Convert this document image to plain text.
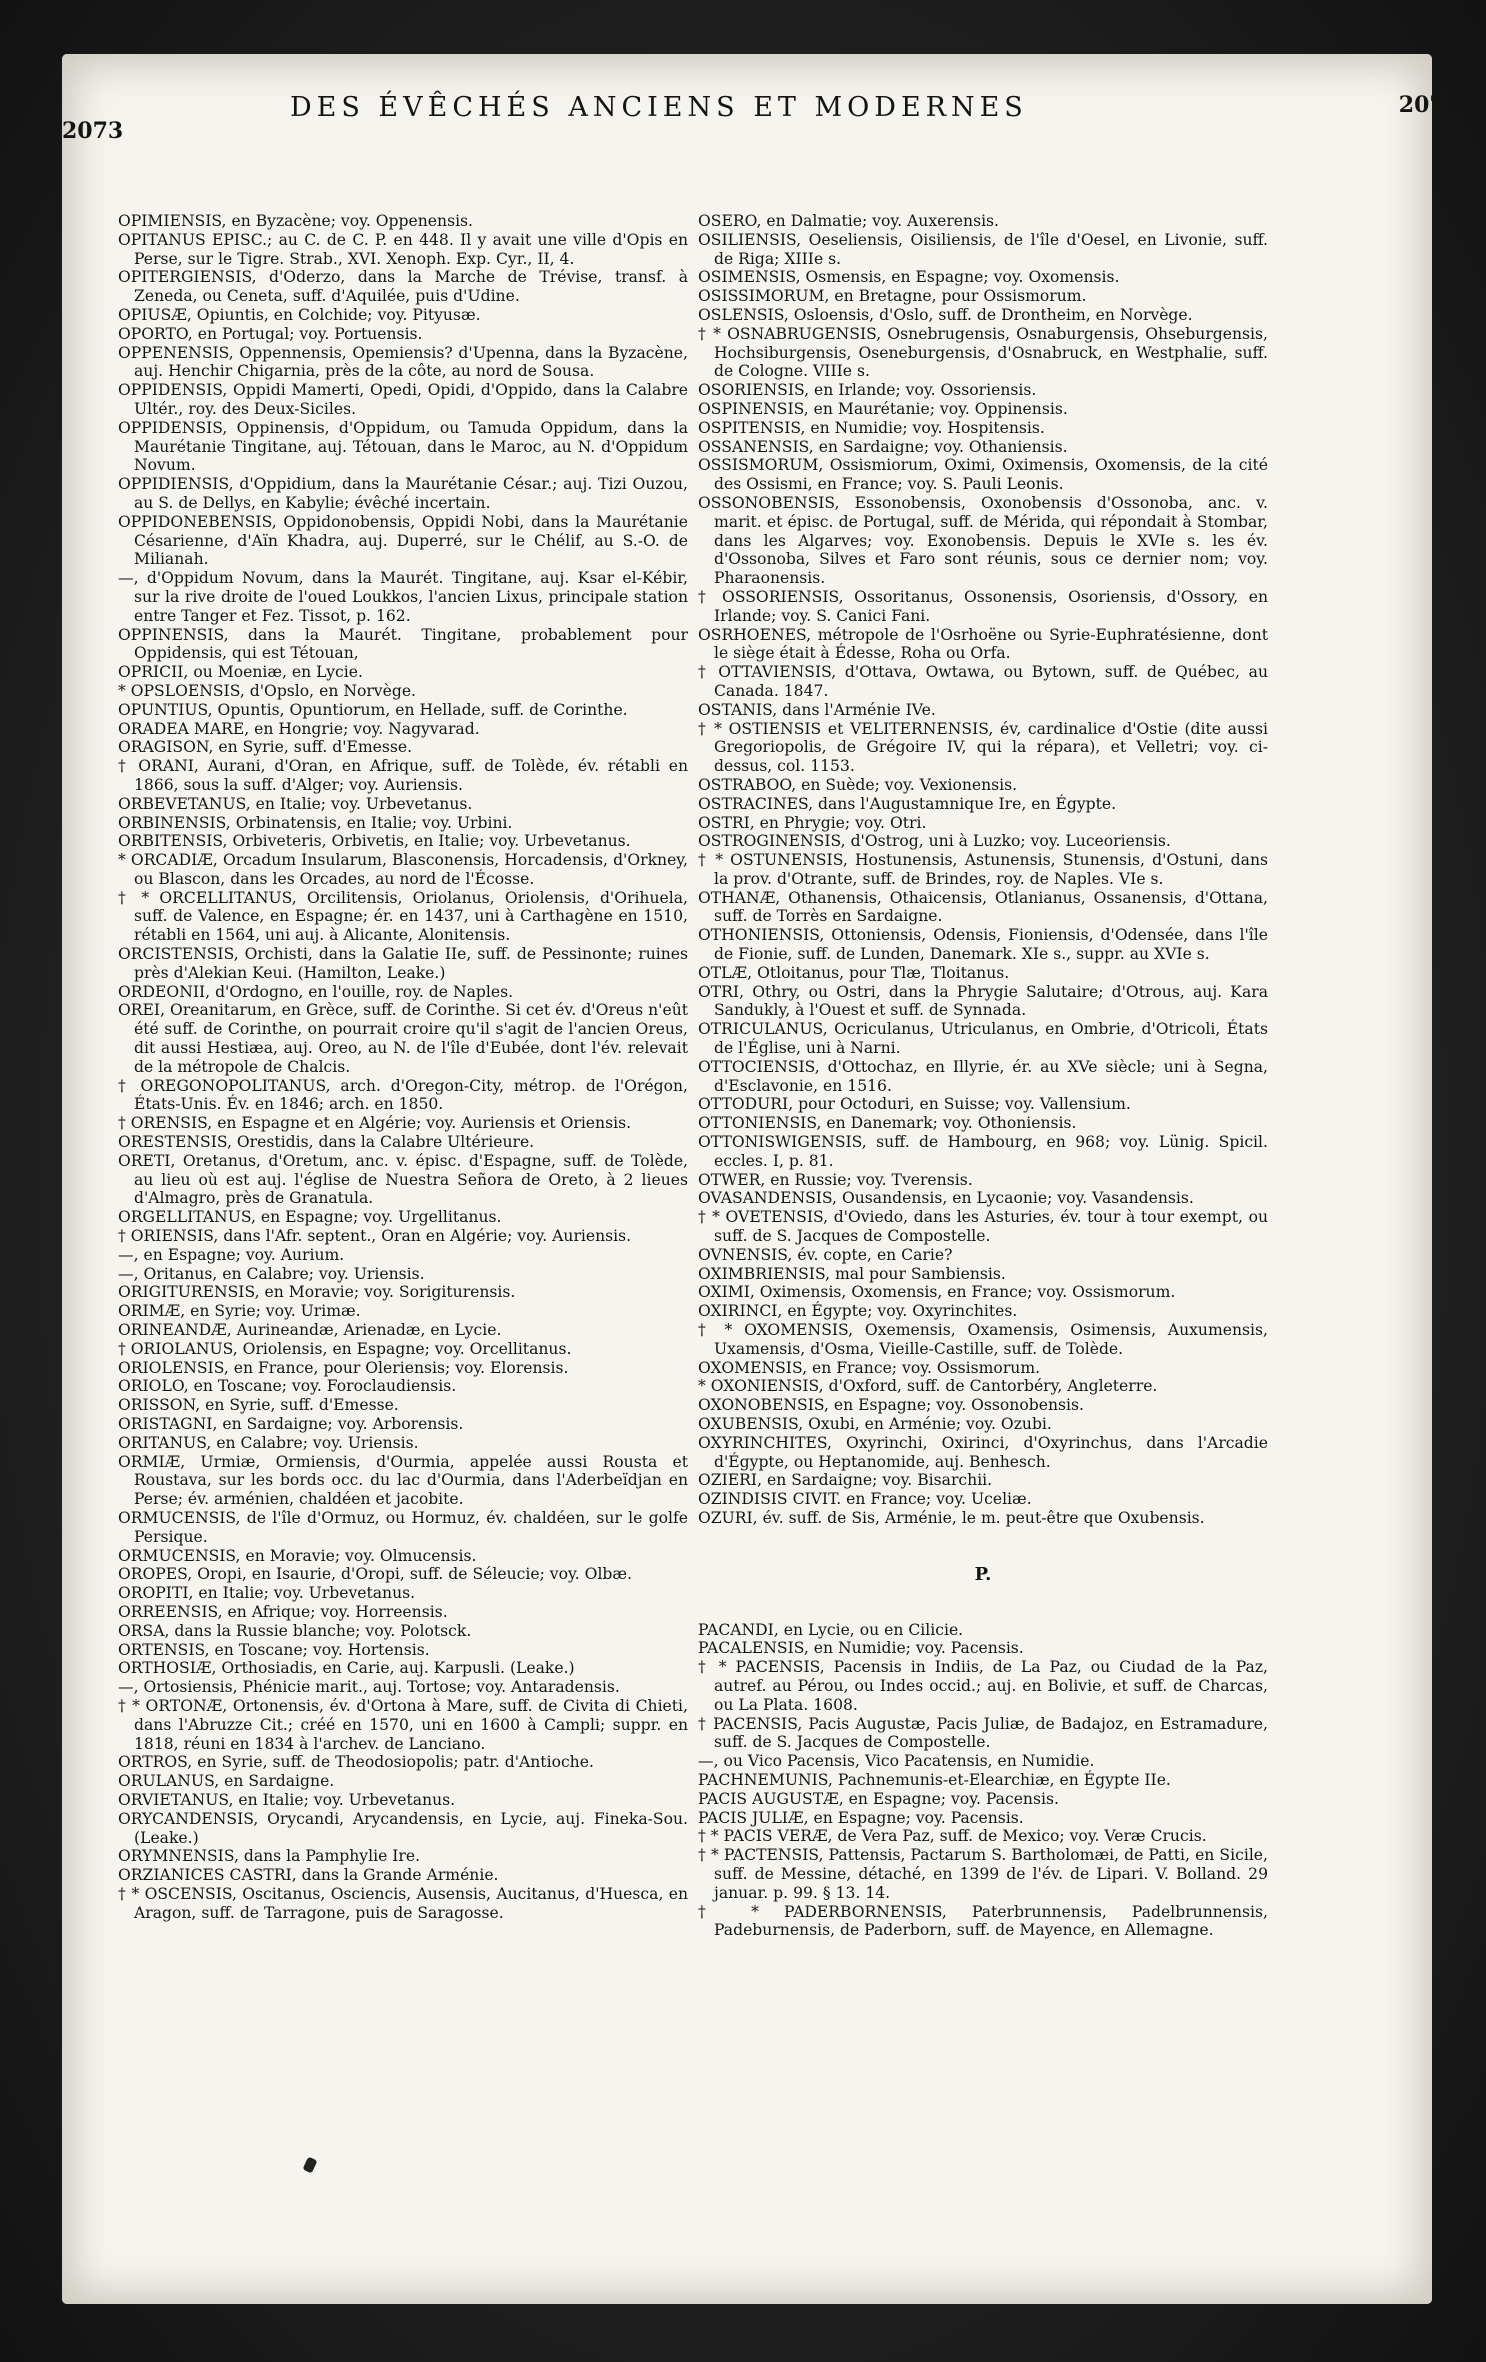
2073
DES ÉVÊCHÉS ANCIENS ET MODERNES	2074

OPIMIENSIS, en Byzacène; voy. Oppenensis.

OPITANUS EPISC.; au C. de C. P. en 448. Il y avait une ville d'Opis en Perse, sur le Tigre. Strab., XVI. Xenoph. Exp. Cyr., II, 4.

OPITERGIENSIS, d'Oderzo, dans la Marche de Trévise, transf. à Zeneda, ou Ceneta, suff. d'Aquilée, puis d'Udine.

OPIUSÆ, Opiuntis, en Colchide; voy. Pityusæ.

OPORTO, en Portugal; voy. Portuensis.

OPPENENSIS, Oppennensis, Opemiensis? d'Upenna, dans la Byzacène, auj. Henchir Chigarnia, près de la côte, au nord de Sousa.

OPPIDENSIS, Oppidi Mamerti, Opedi, Opidi, d'Oppido, dans la Calabre Ultér., roy. des Deux-Siciles.

OPPIDENSIS, Oppinensis, d'Oppidum, ou Tamuda Oppidum, dans la Maurétanie Tingitane, auj. Tétouan, dans le Maroc, au N. d'Oppidum Novum.

OPPIDIENSIS, d'Oppidium, dans la Maurétanie César.; auj. Tizi Ouzou, au S. de Dellys, en Kabylie; évêché incertain.

OPPIDONEBENSIS, Oppidonobensis, Oppidi Nobi, dans la Maurétanie Césarienne, d'Aïn Khadra, auj. Duperré, sur le Chélif, au S.-O. de Milianah.

—, d'Oppidum Novum, dans la Maurét. Tingitane, auj. Ksar el-Kébir, sur la rive droite de l'oued Loukkos, l'ancien Lixus, principale station entre Tanger et Fez. Tissot, p. 162.

OPPINENSIS, dans la Maurét. Tingitane, probablement pour Oppidensis, qui est Tétouan,

OPRICII, ou Moeniæ, en Lycie.

* OPSLOENSIS, d'Opslo, en Norvège.

OPUNTIUS, Opuntis, Opuntiorum, en Hellade, suff. de Corinthe.

ORADEA MARE, en Hongrie; voy. Nagyvarad.

ORAGISON, en Syrie, suff. d'Emesse.

† ORANI, Aurani, d'Oran, en Afrique, suff. de Tolède, év. rétabli en 1866, sous la suff. d'Alger; voy. Auriensis.

ORBEVETANUS, en Italie; voy. Urbevetanus.

ORBINENSIS, Orbinatensis, en Italie; voy. Urbini.

ORBITENSIS, Orbiveteris, Orbivetis, en Italie; voy. Urbevetanus.

* ORCADIÆ, Orcadum Insularum, Blasconensis, Horcadensis, d'Orkney, ou Blascon, dans les Orcades, au nord de l'Écosse.

† * ORCELLITANUS, Orcilitensis, Oriolanus, Oriolensis, d'Orihuela, suff. de Valence, en Espagne; ér. en 1437, uni à Carthagène en 1510, rétabli en 1564, uni auj. à Alicante, Alonitensis.

ORCISTENSIS, Orchisti, dans la Galatie IIe, suff. de Pessinonte; ruines près d'Alekian Keui. (Hamilton, Leake.)

ORDEONII, d'Ordogno, en l'ouille, roy. de Naples.

OREI, Oreanitarum, en Grèce, suff. de Corinthe. Si cet év. d'Oreus n'eût été suff. de Corinthe, on pourrait croire qu'il s'agit de l'ancien Oreus, dit aussi Hestiæa, auj. Oreo, au N. de l'île d'Eubée, dont l'év. relevait de la métropole de Chalcis.

† OREGONOPOLITANUS, arch. d'Oregon-City, métrop. de l'Orégon, États-Unis. Év. en 1846; arch. en 1850.

† ORENSIS, en Espagne et en Algérie; voy. Auriensis et Oriensis.

ORESTENSIS, Orestidis, dans la Calabre Ultérieure.

ORETI, Oretanus, d'Oretum, anc. v. épisc. d'Espagne, suff. de Tolède, au lieu où est auj. l'église de Nuestra Señora de Oreto, à 2 lieues d'Almagro, près de Granatula.

ORGELLITANUS, en Espagne; voy. Urgellitanus.

† ORIENSIS, dans l'Afr. septent., Oran en Algérie; voy. Auriensis.

—, en Espagne; voy. Aurium.

—, Oritanus, en Calabre; voy. Uriensis.

ORIGITURENSIS, en Moravie; voy. Sorigiturensis.

ORIMÆ, en Syrie; voy. Urimæ.

ORINEANDÆ, Aurineandæ, Arienadæ, en Lycie.

† ORIOLANUS, Oriolensis, en Espagne; voy. Orcellitanus.

ORIOLENSIS, en France, pour Oleriensis; voy. Elorensis.

ORIOLO, en Toscane; voy. Foroclaudiensis.

ORISSON, en Syrie, suff. d'Emesse.

ORISTAGNI, en Sardaigne; voy. Arborensis.

ORITANUS, en Calabre; voy. Uriensis.

ORMIÆ, Urmiæ, Ormiensis, d'Ourmia, appelée aussi Rousta et Roustava, sur les bords occ. du lac d'Ourmia, dans l'Aderbeïdjan en Perse; év. arménien, chaldéen et jacobite.

ORMUCENSIS, de l'île d'Ormuz, ou Hormuz, év. chaldéen, sur le golfe Persique.

ORMUCENSIS, en Moravie; voy. Olmucensis.

OROPES, Oropi, en Isaurie, d'Oropi, suff. de Séleucie; voy. Olbæ.

OROPITI, en Italie; voy. Urbevetanus.

ORREENSIS, en Afrique; voy. Horreensis.

ORSA, dans la Russie blanche; voy. Polotsck.

ORTENSIS, en Toscane; voy. Hortensis.

ORTHOSIÆ, Orthosiadis, en Carie, auj. Karpusli. (Leake.)

—, Ortosiensis, Phénicie marit., auj. Tortose; voy. Antaradensis.

† * ORTONÆ, Ortonensis, év. d'Ortona à Mare, suff. de Civita di Chieti, dans l'Abruzze Cit.; créé en 1570, uni en 1600 à Campli; suppr. en 1818, réuni en 1834 à l'archev. de Lanciano.

ORTROS, en Syrie, suff. de Theodosiopolis; patr. d'Antioche.

ORULANUS, en Sardaigne.

ORVIETANUS, en Italie; voy. Urbevetanus.

ORYCANDENSIS, Orycandi, Arycandensis, en Lycie, auj. Fineka-Sou. (Leake.)

ORYMNENSIS, dans la Pamphylie Ire.

ORZIANICES CASTRI, dans la Grande Arménie.

† * OSCENSIS, Oscitanus, Osciencis, Ausensis, Aucitanus, d'Huesca, en Aragon, suff. de Tarragone, puis de Saragosse.

OSERO, en Dalmatie; voy. Auxerensis.

OSILIENSIS, Oeseliensis, Oisiliensis, de l'île d'Oesel, en Livonie, suff. de Riga; XIIIe s.

OSIMENSIS, Osmensis, en Espagne; voy. Oxomensis.

OSISSIMORUM, en Bretagne, pour Ossismorum.

OSLENSIS, Osloensis, d'Oslo, suff. de Drontheim, en Norvège.

† * OSNABRUGENSIS, Osnebrugensis, Osnaburgensis, Ohseburgensis, Hochsiburgensis, Oseneburgensis, d'Osnabruck, en Westphalie, suff. de Cologne. VIIIe s.

OSORIENSIS, en Irlande; voy. Ossoriensis.

OSPINENSIS, en Maurétanie; voy. Oppinensis.

OSPITENSIS, en Numidie; voy. Hospitensis.

OSSANENSIS, en Sardaigne; voy. Othaniensis.

OSSISMORUM, Ossismiorum, Oximi, Oximensis, Oxomensis, de la cité des Ossismi, en France; voy. S. Pauli Leonis.

OSSONOBENSIS, Essonobensis, Oxonobensis d'Ossonoba, anc. v. marit. et épisc. de Portugal, suff. de Mérida, qui répondait à Stombar, dans les Algarves; voy. Exonobensis. Depuis le XVIe s. les év. d'Ossonoba, Silves et Faro sont réunis, sous ce dernier nom; voy. Pharaonensis.

† OSSORIENSIS, Ossoritanus, Ossonensis, Osoriensis, d'Ossory, en Irlande; voy. S. Canici Fani.

OSRHOENES, métropole de l'Osrhoëne ou Syrie-Euphratésienne, dont le siège était à Édesse, Roha ou Orfa.

† OTTAVIENSIS, d'Ottava, Owtawa, ou Bytown, suff. de Québec, au Canada. 1847.

OSTANIS, dans l'Arménie IVe.

† * OSTIENSIS et VELITERNENSIS, év, cardinalice d'Ostie (dite aussi Gregoriopolis, de Grégoire IV, qui la répara), et Velletri; voy. ci-dessus, col. 1153.

OSTRABOO, en Suède; voy. Vexionensis.

OSTRACINES, dans l'Augustamnique Ire, en Égypte.

OSTRI, en Phrygie; voy. Otri.

OSTROGINENSIS, d'Ostrog, uni à Luzko; voy. Luceoriensis.

† * OSTUNENSIS, Hostunensis, Astunensis, Stunensis, d'Ostuni, dans la prov. d'Otrante, suff. de Brindes, roy. de Naples. VIe s.

OTHANÆ, Othanensis, Othaicensis, Otlanianus, Ossanensis, d'Ottana, suff. de Torrès en Sardaigne.

OTHONIENSIS, Ottoniensis, Odensis, Fioniensis, d'Odensée, dans l'île de Fionie, suff. de Lunden, Danemark. XIe s., suppr. au XVIe s.

OTLÆ, Otloitanus, pour Tlæ, Tloitanus.

OTRI, Othry, ou Ostri, dans la Phrygie Salutaire; d'Otrous, auj. Kara Sandukly, à l'Ouest et suff. de Synnada.

OTRICULANUS, Ocriculanus, Utriculanus, en Ombrie, d'Otricoli, États de l'Église, uni à Narni.

OTTOCIENSIS, d'Ottochaz, en Illyrie, ér. au XVe siècle; uni à Segna, d'Esclavonie, en 1516.

OTTODURI, pour Octoduri, en Suisse; voy. Vallensium.

OTTONIENSIS, en Danemark; voy. Othoniensis.

OTTONISWIGENSIS, suff. de Hambourg, en 968; voy. Lünig. Spicil. eccles. I, p. 81.

OTWER, en Russie; voy. Tverensis.

OVASANDENSIS, Ousandensis, en Lycaonie; voy. Vasandensis.

† * OVETENSIS, d'Oviedo, dans les Asturies, év. tour à tour exempt, ou suff. de S. Jacques de Compostelle.

OVNENSIS, év. copte, en Carie?

OXIMBRIENSIS, mal pour Sambiensis.

OXIMI, Oximensis, Oxomensis, en France; voy. Ossismorum.

OXIRINCI, en Égypte; voy. Oxyrinchites.

† * OXOMENSIS, Oxemensis, Oxamensis, Osimensis, Auxumensis, Uxamensis, d'Osma, Vieille-Castille, suff. de Tolède.

OXOMENSIS, en France; voy. Ossismorum.

* OXONIENSIS, d'Oxford, suff. de Cantorbéry, Angleterre.

OXONOBENSIS, en Espagne; voy. Ossonobensis.

OXUBENSIS, Oxubi, en Arménie; voy. Ozubi.

OXYRINCHITES, Oxyrinchi, Oxirinci, d'Oxyrinchus, dans l'Arcadie d'Égypte, ou Heptanomide, auj. Benhesch.

OZIERI, en Sardaigne; voy. Bisarchii.

OZINDISIS CIVIT. en France; voy. Uceliæ.

OZURI, év. suff. de Sis, Arménie, le m. peut-être que Oxubensis.

P.

PACANDI, en Lycie, ou en Cilicie.

PACALENSIS, en Numidie; voy. Pacensis.

† * PACENSIS, Pacensis in Indiis, de La Paz, ou Ciudad de la Paz, autref. au Pérou, ou Indes occid.; auj. en Bolivie, et suff. de Charcas, ou La Plata. 1608.

† PACENSIS, Pacis Augustæ, Pacis Juliæ, de Badajoz, en Estramadure, suff. de S. Jacques de Compostelle.

—, ou Vico Pacensis, Vico Pacatensis, en Numidie.

PACHNEMUNIS, Pachnemunis-et-Elearchiæ, en Égypte IIe.

PACIS AUGUSTÆ, en Espagne; voy. Pacensis.

PACIS JULIÆ, en Espagne; voy. Pacensis.

† * PACIS VERÆ, de Vera Paz, suff. de Mexico; voy. Veræ Crucis.

† * PACTENSIS, Pattensis, Pactarum S. Bartholomæi, de Patti, en Sicile, suff. de Messine, détaché, en 1399 de l'év. de Lipari. V. Bolland. 29 januar. p. 99. § 13. 14.

† * PADERBORNENSIS, Paterbrunnensis, Padelbrunnensis, Padeburnensis, de Paderborn, suff. de Mayence, en Allemagne.
